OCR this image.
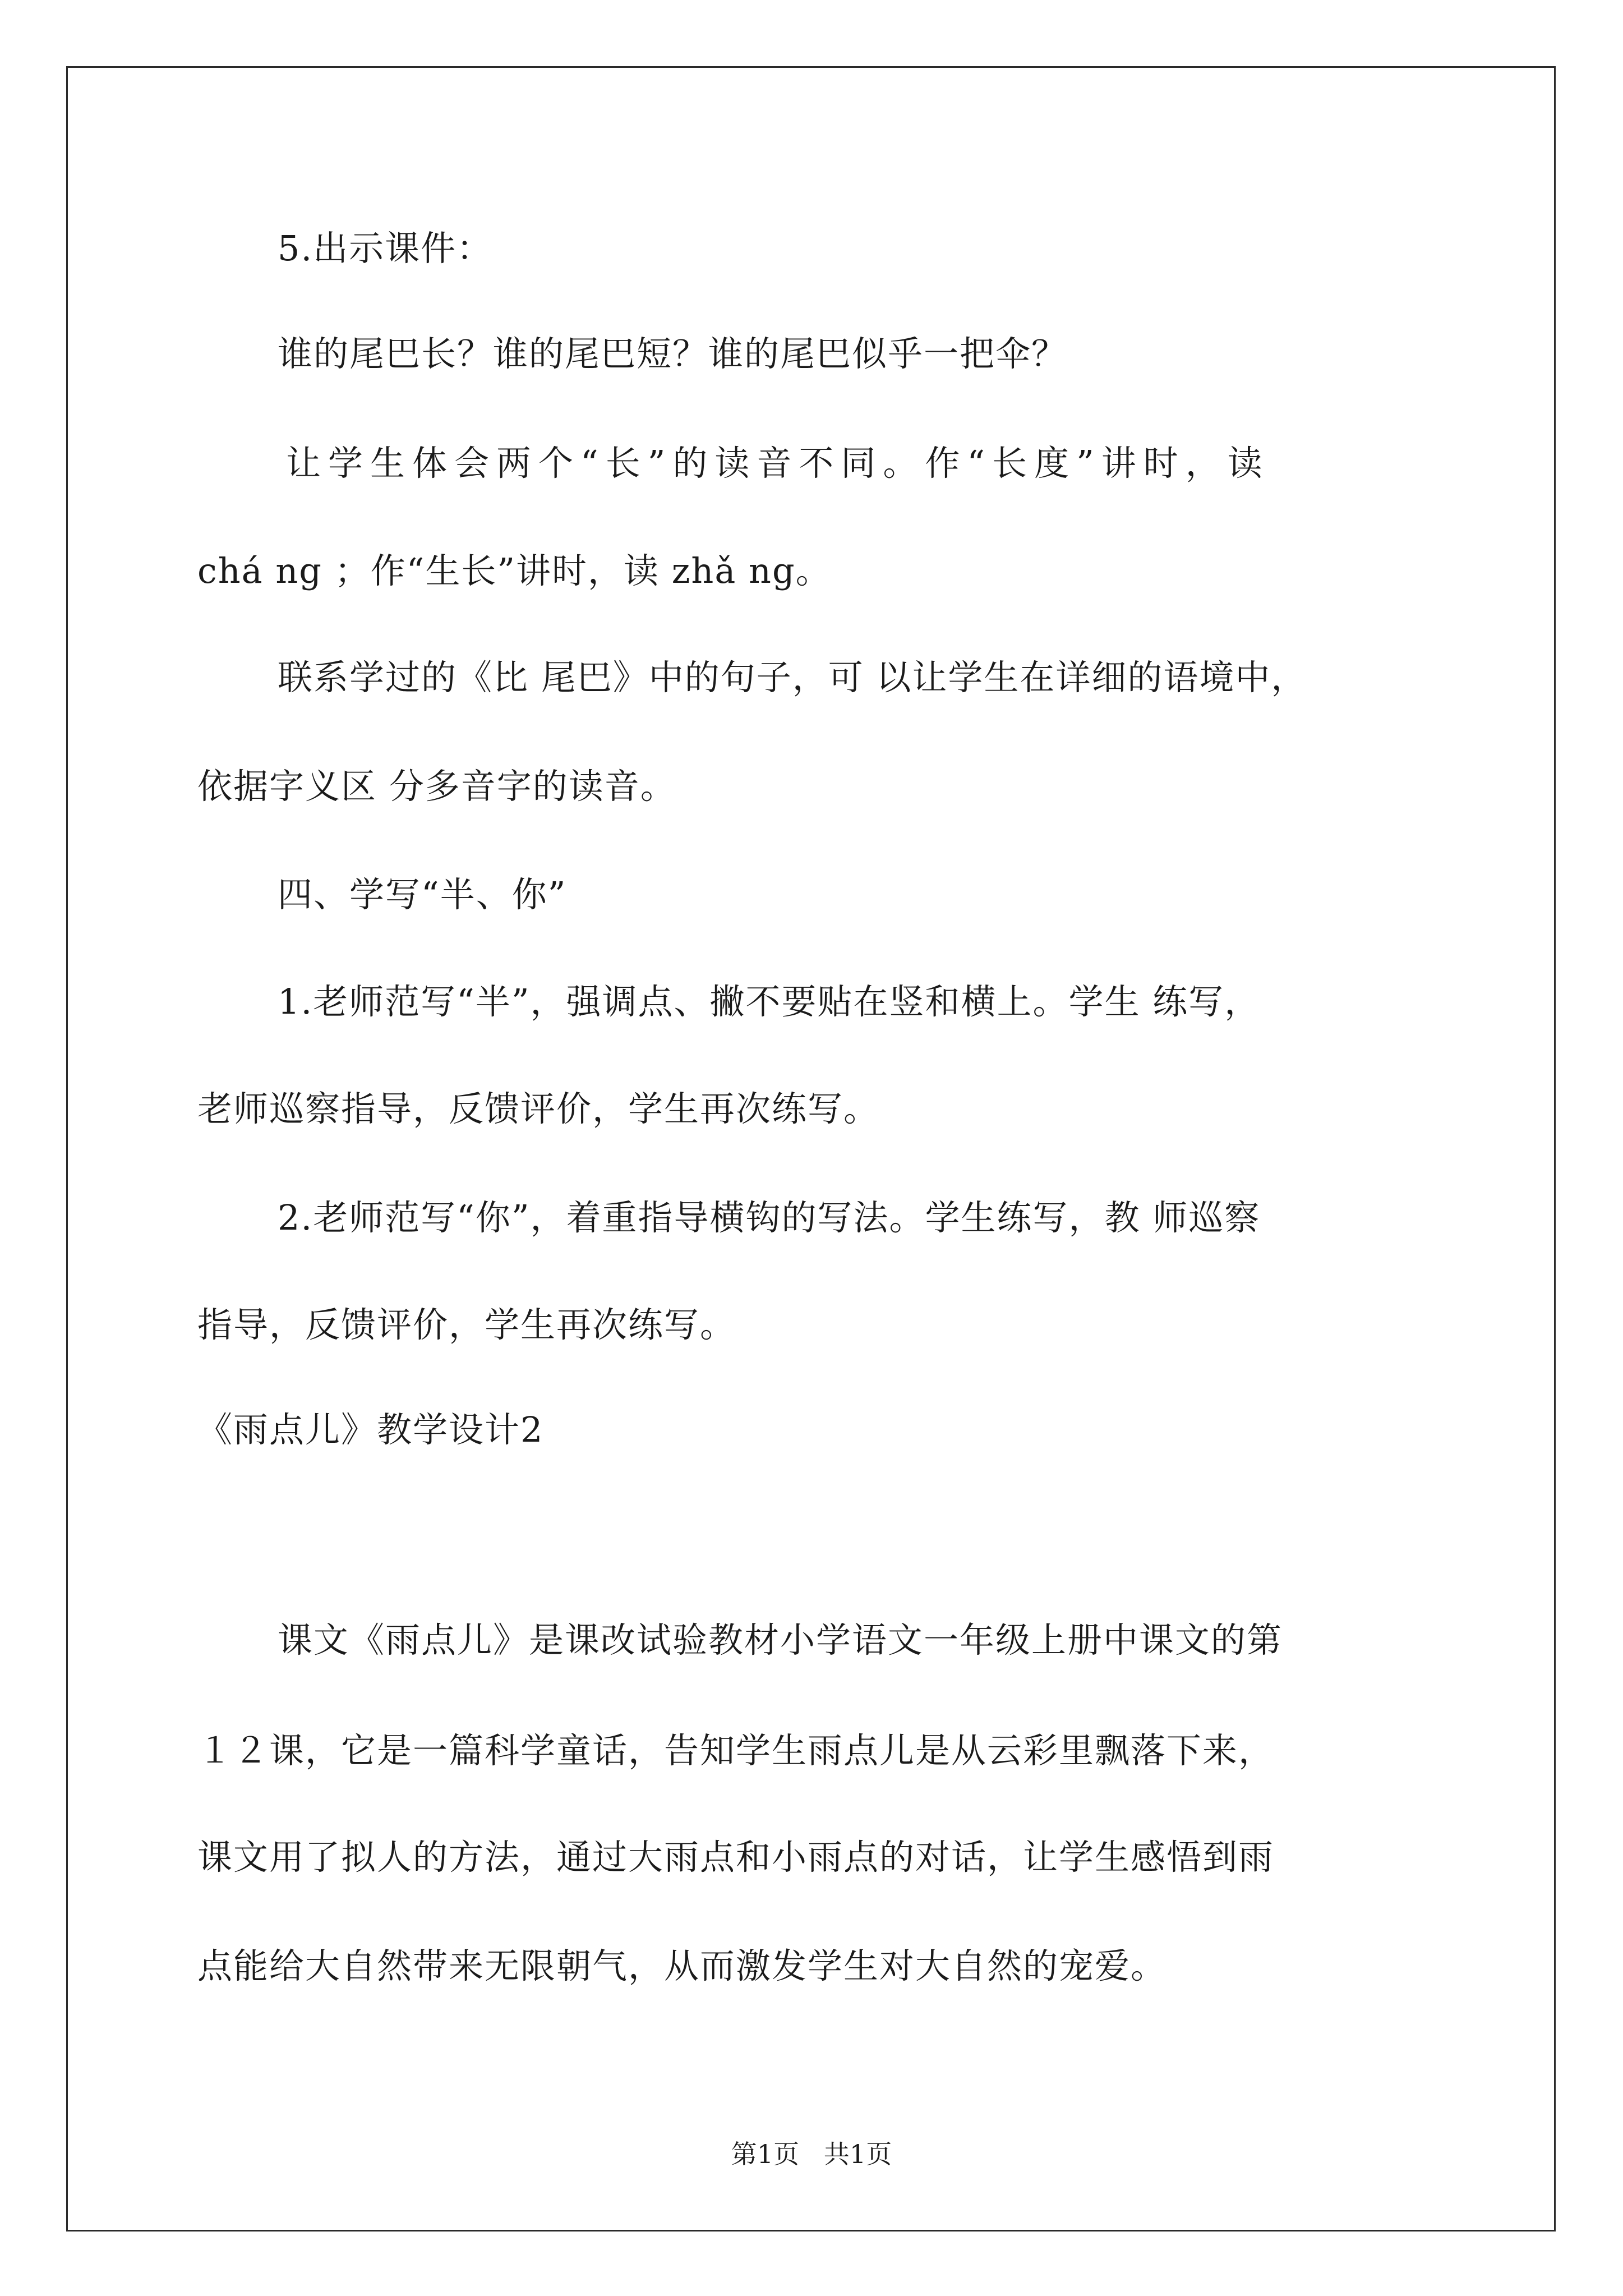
5.出示课件：
谁的尾巴长？谁的尾巴短？谁的尾巴似乎一把伞？
让学生体会两个“长”的读音不同。作“长度”讲时，读
chá ng ；作“生长”讲时，读 zhǎ ng。
联系学过的《比 尾巴》中的句子，可 以让学生在详细的语境中，
依据字义区 分多音字的读音。
四、学写“半、你”
1.老师范写“半”，强调点、撇不要贴在竖和横上。学生 练写，
老师巡察指导，反馈评价，学生再次练写。
2.老师范写“你”，着重指导横钩的写法。学生练写，教 师巡察
指导，反馈评价，学生再次练写。
《雨点儿》教学设计2
课文《雨点儿》是课改试验教材小学语文一年级上册中课文的第
１２课，它是一篇科学童话，告知学生雨点儿是从云彩里飘落下来，
课文用了拟人的方法，通过大雨点和小雨点的对话，让学生感悟到雨
点能给大自然带来无限朝气，从而激发学生对大自然的宠爱。
第1页   共1页
